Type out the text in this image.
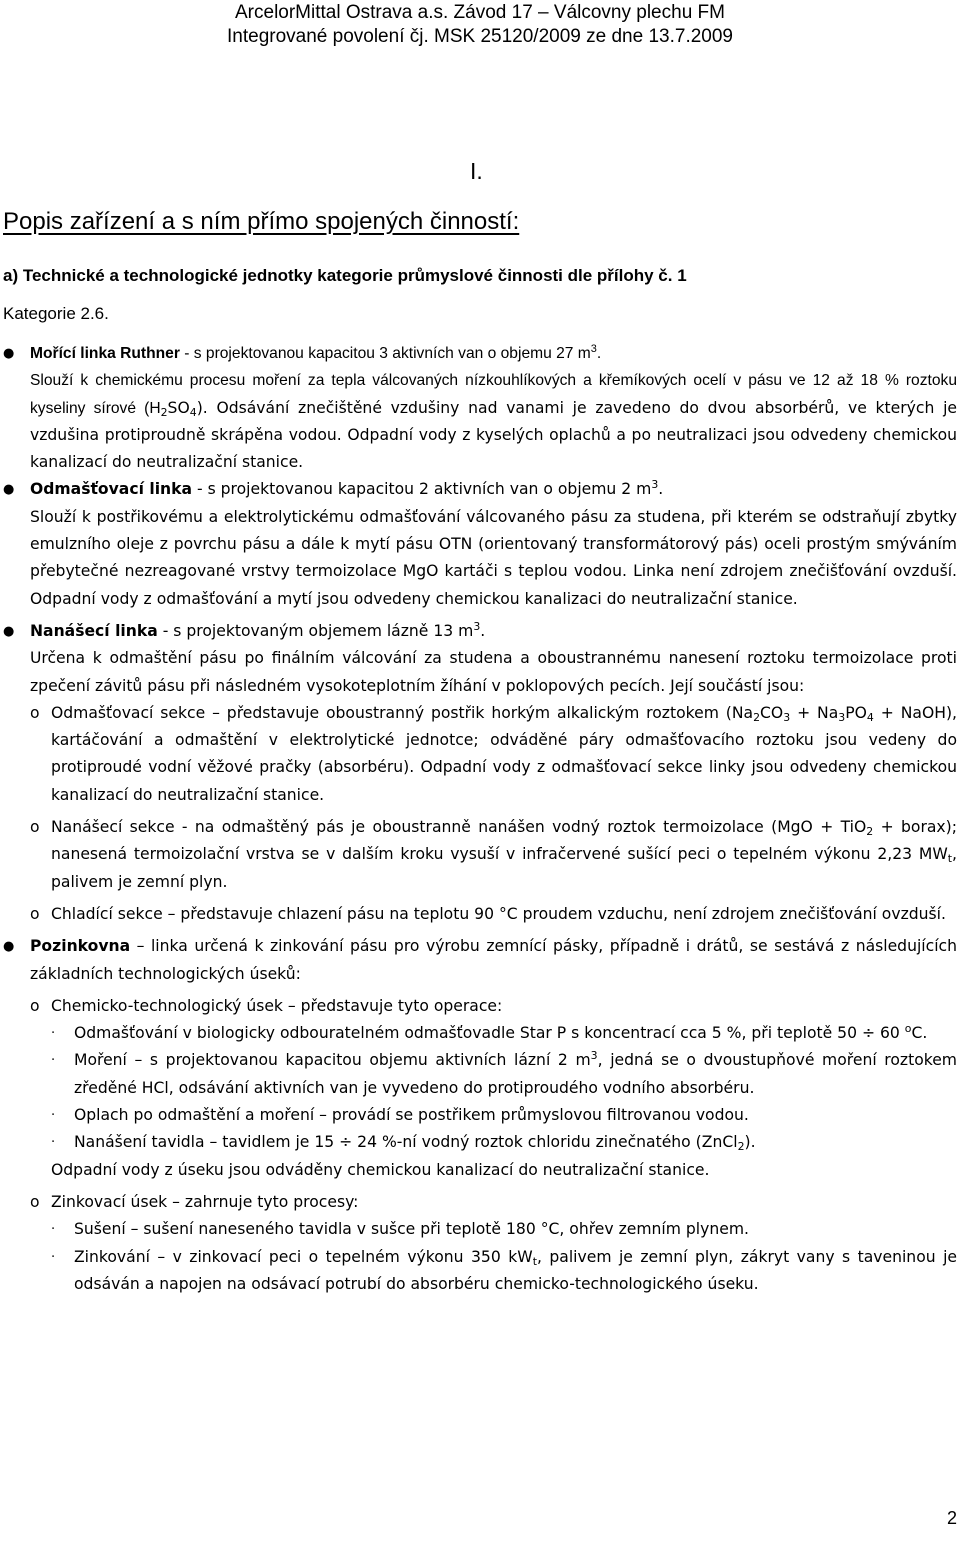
ArcelorMittal Ostrava a.s. Závod 17 – Válcovny plechu FM
Integrované povolení čj. MSK 25120/2009 ze dne 13.7.2009
I.
Popis zařízení a s ním přímo spojených činností:
a) Technické a technologické jednotky kategorie průmyslové činnosti dle přílohy č. 1
Kategorie 2.6.
● Mořící linka Ruthner - s projektovanou kapacitou 3 aktivních van o objemu 27 $m^3$.
Slouží k chemickému procesu moření za tepla válcovaných nízkouhlíkových a křemíkových ocelí v pásu ve 12 až 18 % roztoku kyseliny sírové $(H_2SO_4)$. Odsávání znečištěné vzdušiny nad vanami je zavedeno do dvou absorbérů, ve kterých je vzdušina protiproudně skrápěna vodou. Odpadní vody z kyselých oplachů a po neutralizaci jsou odvedeny chemickou kanalizací do neutralizační stanice.
● Odmašťovací linka - s projektovanou kapacitou 2 aktivních van o objemu 2 $m^3$.
Slouží k postřikovému a elektrolytickému odmašťování válcovaného pásu za studena, při kterém se odstraňují zbytky emulzního oleje z povrchu pásu a dále k mytí pásu OTN (orientovaný transformátorový pás) oceli prostým smýváním přebytečné nezreagované vrstvy termoizolace MgO kartáči s teplou vodou. Linka není zdrojem znečišťování ovzduší. Odpadní vody z odmašťování a mytí jsou odvedeny chemickou kanalizaci do neutralizační stanice.
● Nanášecí linka - s projektovaným objemem lázně 13 $m^3$.
Určena k odmaštění pásu po finálním válcování za studena a oboustrannému nanesení roztoku termoizolace proti zpečení závitů pásu při následném vysokoteplotním žíhání v poklopových pecích. Její součástí jsou:
o Odmašťovací sekce – představuje oboustranný postřik horkým alkalickým roztokem ($Na_2CO_3 + Na_3PO_4$ + NaOH), kartáčování a odmaštění v elektrolytické jednotce; odváděné páry odmašťovacího roztoku jsou vedeny do protiproudé vodní věžové pračky (absorbéru). Odpadní vody z odmašťovací sekce linky jsou odvedeny chemickou kanalizací do neutralizační stanice.
o Nanášecí sekce - na odmaštěný pás je oboustranně nanášen vodný roztok termoizolace (MgO + TiO$_2$ + borax); nanesená termoizolační vrstva se v dalším kroku vysuší v infračervené sušící peci o tepelném výkonu 2,23 $MW_t$, palivem je zemní plyn.
o Chladící sekce – představuje chlazení pásu na teplotu 90 °C proudem vzduchu, není zdrojem znečišťování ovzduší.
● Pozinkovna – linka určená k zinkování pásu pro výrobu zemnící pásky, případně i drátů, se sestává z následujících základních technologických úseků:
o Chemicko-technologický úsek – představuje tyto operace:
· Odmašťování v biologicky odbouratelném odmašťovadle Star P s koncentrací cca 5 %, při teplotě 50 ÷ 60 $^o$C.
· Moření – s projektovanou kapacitou objemu aktivních lázní 2 $m^3$, jedná se o dvoustupňové moření roztokem zředěné HCl, odsávání aktivních van je vyvedeno do protiproudého vodního absorbéru.
· Oplach po odmaštění a moření – provádí se postřikem průmyslovou filtrovanou vodou.
· Nanášení tavidla – tavidlem je 15 ÷ 24 %-ní vodný roztok chloridu zinečnatého (ZnCl$_2$).
Odpadní vody z úseku jsou odváděny chemickou kanalizací do neutralizační stanice.
o Zinkovací úsek – zahrnuje tyto procesy:
· Sušení – sušení naneseného tavidla v sušce při teplotě 180 °C, ohřev zemním plynem.
· Zinkování – v zinkovací peci o tepelném výkonu 350 $kW_t$, palivem je zemní plyn, zákryt vany s taveninou je odsáván a napojen na odsávací potrubí do absorbéru chemicko-technologického úseku.
2
